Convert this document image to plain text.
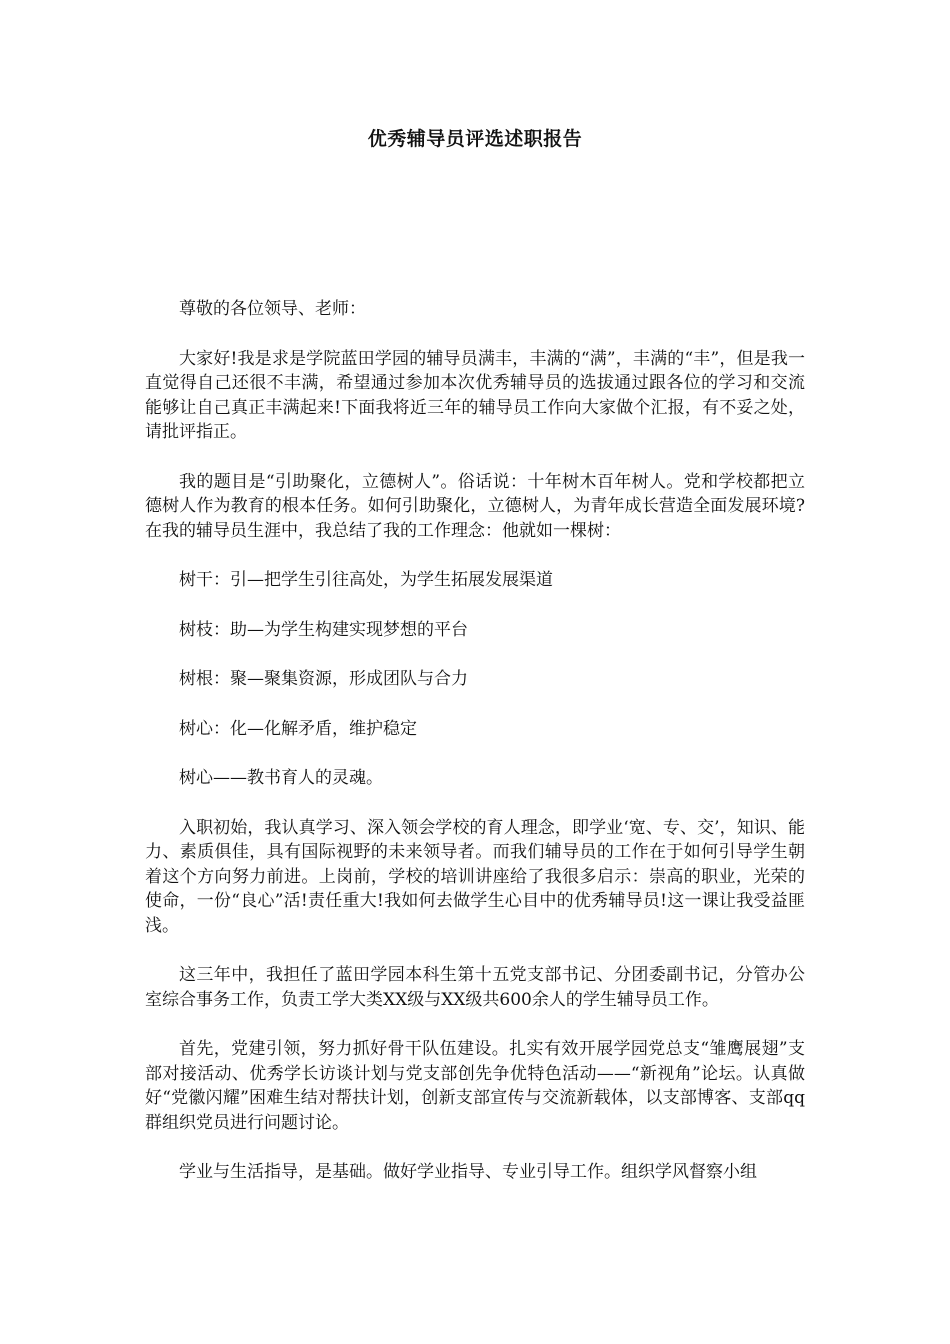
优秀辅导员评选述职报告

尊敬的各位领导、老师：

大家好!我是求是学院蓝田学园的辅导员满丰，丰满的“满”，丰满的“丰”，但是我一直觉得自己还很不丰满，希望通过参加本次优秀辅导员的选拔通过跟各位的学习和交流能够让自己真正丰满起来!下面我将近三年的辅导员工作向大家做个汇报，有不妥之处，请批评指正。

我的题目是“引助聚化，立德树人”。俗话说：十年树木百年树人。党和学校都把立德树人作为教育的根本任务。如何引助聚化，立德树人，为青年成长营造全面发展环境?在我的辅导员生涯中，我总结了我的工作理念：他就如一棵树：

树干：引—把学生引往高处，为学生拓展发展渠道

树枝：助—为学生构建实现梦想的平台

树根：聚—聚集资源，形成团队与合力

树心：化—化解矛盾，维护稳定

树心——教书育人的灵魂。

入职初始，我认真学习、深入领会学校的育人理念，即学业‘宽、专、交’，知识、能力、素质俱佳，具有国际视野的未来领导者。而我们辅导员的工作在于如何引导学生朝着这个方向努力前进。上岗前，学校的培训讲座给了我很多启示：崇高的职业，光荣的使命，一份“良心”活!责任重大!我如何去做学生心目中的优秀辅导员!这一课让我受益匪浅。

这三年中，我担任了蓝田学园本科生第十五党支部书记、分团委副书记，分管办公室综合事务工作，负责工学大类XX级与XX级共600余人的学生辅导员工作。

首先，党建引领，努力抓好骨干队伍建设。扎实有效开展学园党总支“雏鹰展翅”支部对接活动、优秀学长访谈计划与党支部创先争优特色活动——“新视角”论坛。认真做好“党徽闪耀”困难生结对帮扶计划，创新支部宣传与交流新载体，以支部博客、支部qq群组织党员进行问题讨论。

学业与生活指导，是基础。做好学业指导、专业引导工作。组织学风督察小组
